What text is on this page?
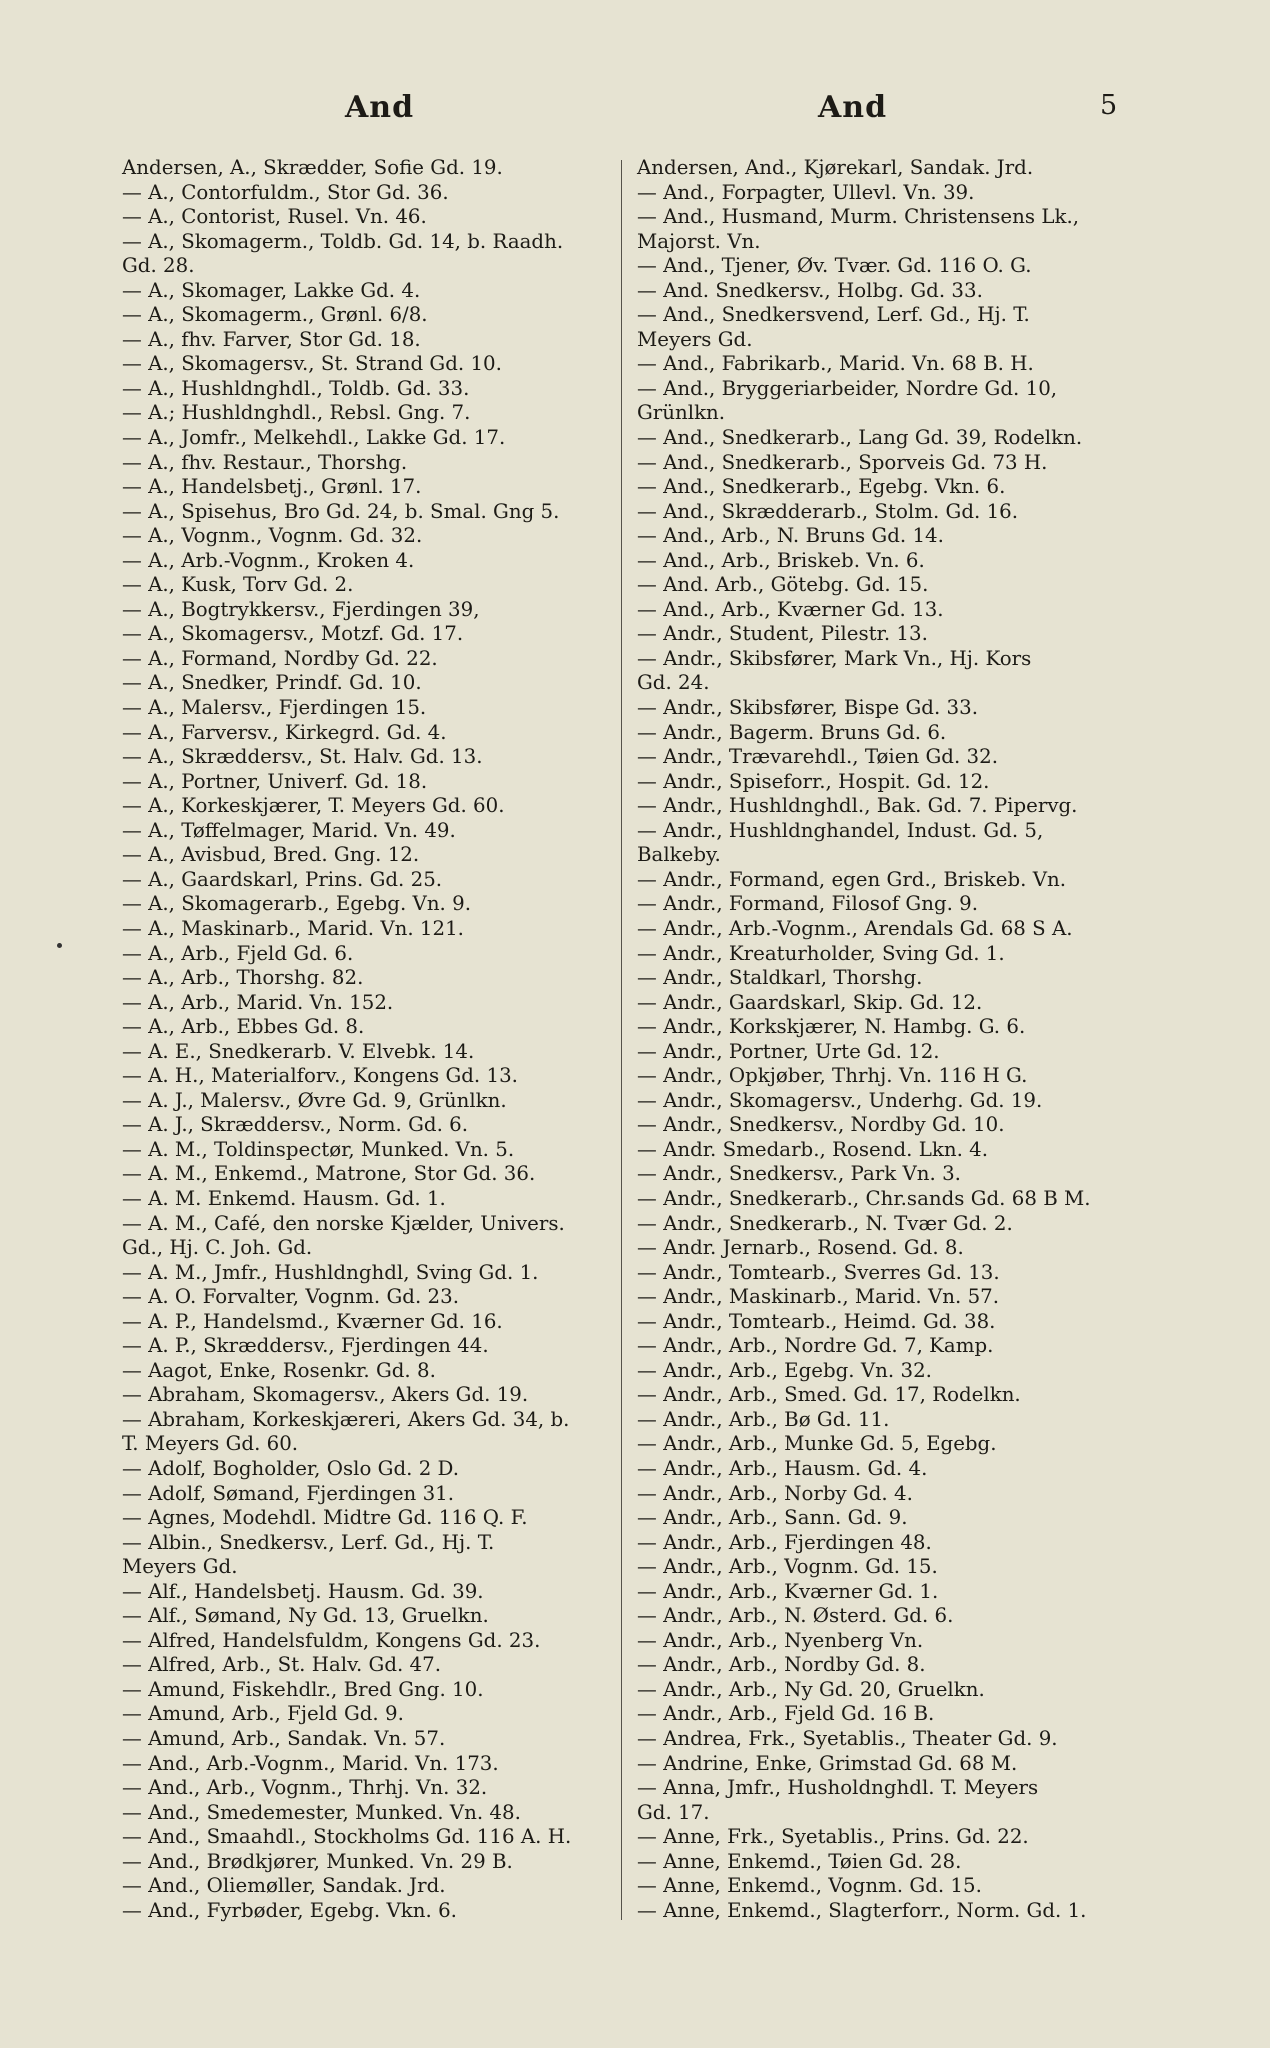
And	And	5
Andersen, A., Skrædder, Sofie Gd. 19.
— A., Contorfuldm., Stor Gd. 36.
— A., Contorist, Rusel. Vn. 46.
— A., Skomagerm., Toldb. Gd. 14, b. Raadh.
Gd. 28.
— A., Skomager, Lakke Gd. 4.
— A., Skomagerm., Grønl. 6/8.
— A., fhv. Farver, Stor Gd. 18.
— A., Skomagersv., St. Strand Gd. 10.
— A., Hushldnghdl., Toldb. Gd. 33.
— A.; Hushldnghdl., Rebsl. Gng. 7.
— A., Jomfr., Melkehdl., Lakke Gd. 17.
— A., fhv. Restaur., Thorshg.
— A., Handelsbetj., Grønl. 17.
— A., Spisehus, Bro Gd. 24, b. Smal. Gng 5.
— A., Vognm., Vognm. Gd. 32.
— A., Arb.-Vognm., Kroken 4.
— A., Kusk, Torv Gd. 2.
— A., Bogtrykkersv., Fjerdingen 39,
— A., Skomagersv., Motzf. Gd. 17.
— A., Formand, Nordby Gd. 22.
— A., Snedker, Prindf. Gd. 10.
— A., Malersv., Fjerdingen 15.
— A., Farversv., Kirkegrd. Gd. 4.
— A., Skræddersv., St. Halv. Gd. 13.
— A., Portner, Univerf. Gd. 18.
— A., Korkeskjærer, T. Meyers Gd. 60.
— A., Tøffelmager, Marid. Vn. 49.
— A., Avisbud, Bred. Gng. 12.
— A., Gaardskarl, Prins. Gd. 25.
— A., Skomagerarb., Egebg. Vn. 9.
— A., Maskinarb., Marid. Vn. 121.
— A., Arb., Fjeld Gd. 6.
— A., Arb., Thorshg. 82.
— A., Arb., Marid. Vn. 152.
— A., Arb., Ebbes Gd. 8.
— A. E., Snedkerarb. V. Elvebk. 14.
— A. H., Materialforv., Kongens Gd. 13.
— A. J., Malersv., Øvre Gd. 9, Grünlkn.
— A. J., Skræddersv., Norm. Gd. 6.
— A. M., Toldinspectør, Munked. Vn. 5.
— A. M., Enkemd., Matrone, Stor Gd. 36.
— A. M. Enkemd. Hausm. Gd. 1.
— A. M., Café, den norske Kjælder, Univers.
Gd., Hj. C. Joh. Gd.
— A. M., Jmfr., Hushldnghdl, Sving Gd. 1.
— A. O. Forvalter, Vognm. Gd. 23.
— A. P., Handelsmd., Kværner Gd. 16.
— A. P., Skræddersv., Fjerdingen 44.
— Aagot, Enke, Rosenkr. Gd. 8.
— Abraham, Skomagersv., Akers Gd. 19.
— Abraham, Korkeskjæreri, Akers Gd. 34, b.
T. Meyers Gd. 60.
— Adolf, Bogholder, Oslo Gd. 2 D.
— Adolf, Sømand, Fjerdingen 31.
— Agnes, Modehdl. Midtre Gd. 116 Q. F.
— Albin., Snedkersv., Lerf. Gd., Hj. T.
Meyers Gd.
— Alf., Handelsbetj. Hausm. Gd. 39.
— Alf., Sømand, Ny Gd. 13, Gruelkn.
— Alfred, Handelsfuldm, Kongens Gd. 23.
— Alfred, Arb., St. Halv. Gd. 47.
— Amund, Fiskehdlr., Bred Gng. 10.
— Amund, Arb., Fjeld Gd. 9.
— Amund, Arb., Sandak. Vn. 57.
— And., Arb.-Vognm., Marid. Vn. 173.
— And., Arb., Vognm., Thrhj. Vn. 32.
— And., Smedemester, Munked. Vn. 48.
— And., Smaahdl., Stockholms Gd. 116 A. H.
— And., Brødkjører, Munked. Vn. 29 B.
— And., Oliemøller, Sandak. Jrd.
— And., Fyrbøder, Egebg. Vkn. 6.
Andersen, And., Kjørekarl, Sandak. Jrd.
— And., Forpagter, Ullevl. Vn. 39.
— And., Husmand, Murm. Christensens Lk.,
Majorst. Vn.
— And., Tjener, Øv. Tvær. Gd. 116 O. G.
— And. Snedkersv., Holbg. Gd. 33.
— And., Snedkersvend, Lerf. Gd., Hj. T.
Meyers Gd.
— And., Fabrikarb., Marid. Vn. 68 B. H.
— And., Bryggeriarbeider, Nordre Gd. 10,
Grünlkn.
— And., Snedkerarb., Lang Gd. 39, Rodelkn.
— And., Snedkerarb., Sporveis Gd. 73 H.
— And., Snedkerarb., Egebg. Vkn. 6.
— And., Skrædderarb., Stolm. Gd. 16.
— And., Arb., N. Bruns Gd. 14.
— And., Arb., Briskeb. Vn. 6.
— And. Arb., Götebg. Gd. 15.
— And., Arb., Kværner Gd. 13.
— Andr., Student, Pilestr. 13.
— Andr., Skibsfører, Mark Vn., Hj. Kors
Gd. 24.
— Andr., Skibsfører, Bispe Gd. 33.
— Andr., Bagerm. Bruns Gd. 6.
— Andr., Trævarehdl., Tøien Gd. 32.
— Andr., Spiseforr., Hospit. Gd. 12.
— Andr., Hushldnghdl., Bak. Gd. 7. Pipervg.
— Andr., Hushldnghandel, Indust. Gd. 5,
Balkeby.
— Andr., Formand, egen Grd., Briskeb. Vn.
— Andr., Formand, Filosof Gng. 9.
— Andr., Arb.-Vognm., Arendals Gd. 68 S A.
— Andr., Kreaturholder, Sving Gd. 1.
— Andr., Staldkarl, Thorshg.
— Andr., Gaardskarl, Skip. Gd. 12.
— Andr., Korkskjærer, N. Hambg. G. 6.
— Andr., Portner, Urte Gd. 12.
— Andr., Opkjøber, Thrhj. Vn. 116 H G.
— Andr., Skomagersv., Underhg. Gd. 19.
— Andr., Snedkersv., Nordby Gd. 10.
— Andr. Smedarb., Rosend. Lkn. 4.
— Andr., Snedkersv., Park Vn. 3.
— Andr., Snedkerarb., Chr.sands Gd. 68 B M.
— Andr., Snedkerarb., N. Tvær Gd. 2.
— Andr. Jernarb., Rosend. Gd. 8.
— Andr., Tomtearb., Sverres Gd. 13.
— Andr., Maskinarb., Marid. Vn. 57.
— Andr., Tomtearb., Heimd. Gd. 38.
— Andr., Arb., Nordre Gd. 7, Kamp.
— Andr., Arb., Egebg. Vn. 32.
— Andr., Arb., Smed. Gd. 17, Rodelkn.
— Andr., Arb., Bø Gd. 11.
— Andr., Arb., Munke Gd. 5, Egebg.
— Andr., Arb., Hausm. Gd. 4.
— Andr., Arb., Norby Gd. 4.
— Andr., Arb., Sann. Gd. 9.
— Andr., Arb., Fjerdingen 48.
— Andr., Arb., Vognm. Gd. 15.
— Andr., Arb., Kværner Gd. 1.
— Andr., Arb., N. Østerd. Gd. 6.
— Andr., Arb., Nyenberg Vn.
— Andr., Arb., Nordby Gd. 8.
— Andr., Arb., Ny Gd. 20, Gruelkn.
— Andr., Arb., Fjeld Gd. 16 B.
— Andrea, Frk., Syetablis., Theater Gd. 9.
— Andrine, Enke, Grimstad Gd. 68 M.
— Anna, Jmfr., Husholdnghdl. T. Meyers
Gd. 17.
— Anne, Frk., Syetablis., Prins. Gd. 22.
— Anne, Enkemd., Tøien Gd. 28.
— Anne, Enkemd., Vognm. Gd. 15.
— Anne, Enkemd., Slagterforr., Norm. Gd. 1.
